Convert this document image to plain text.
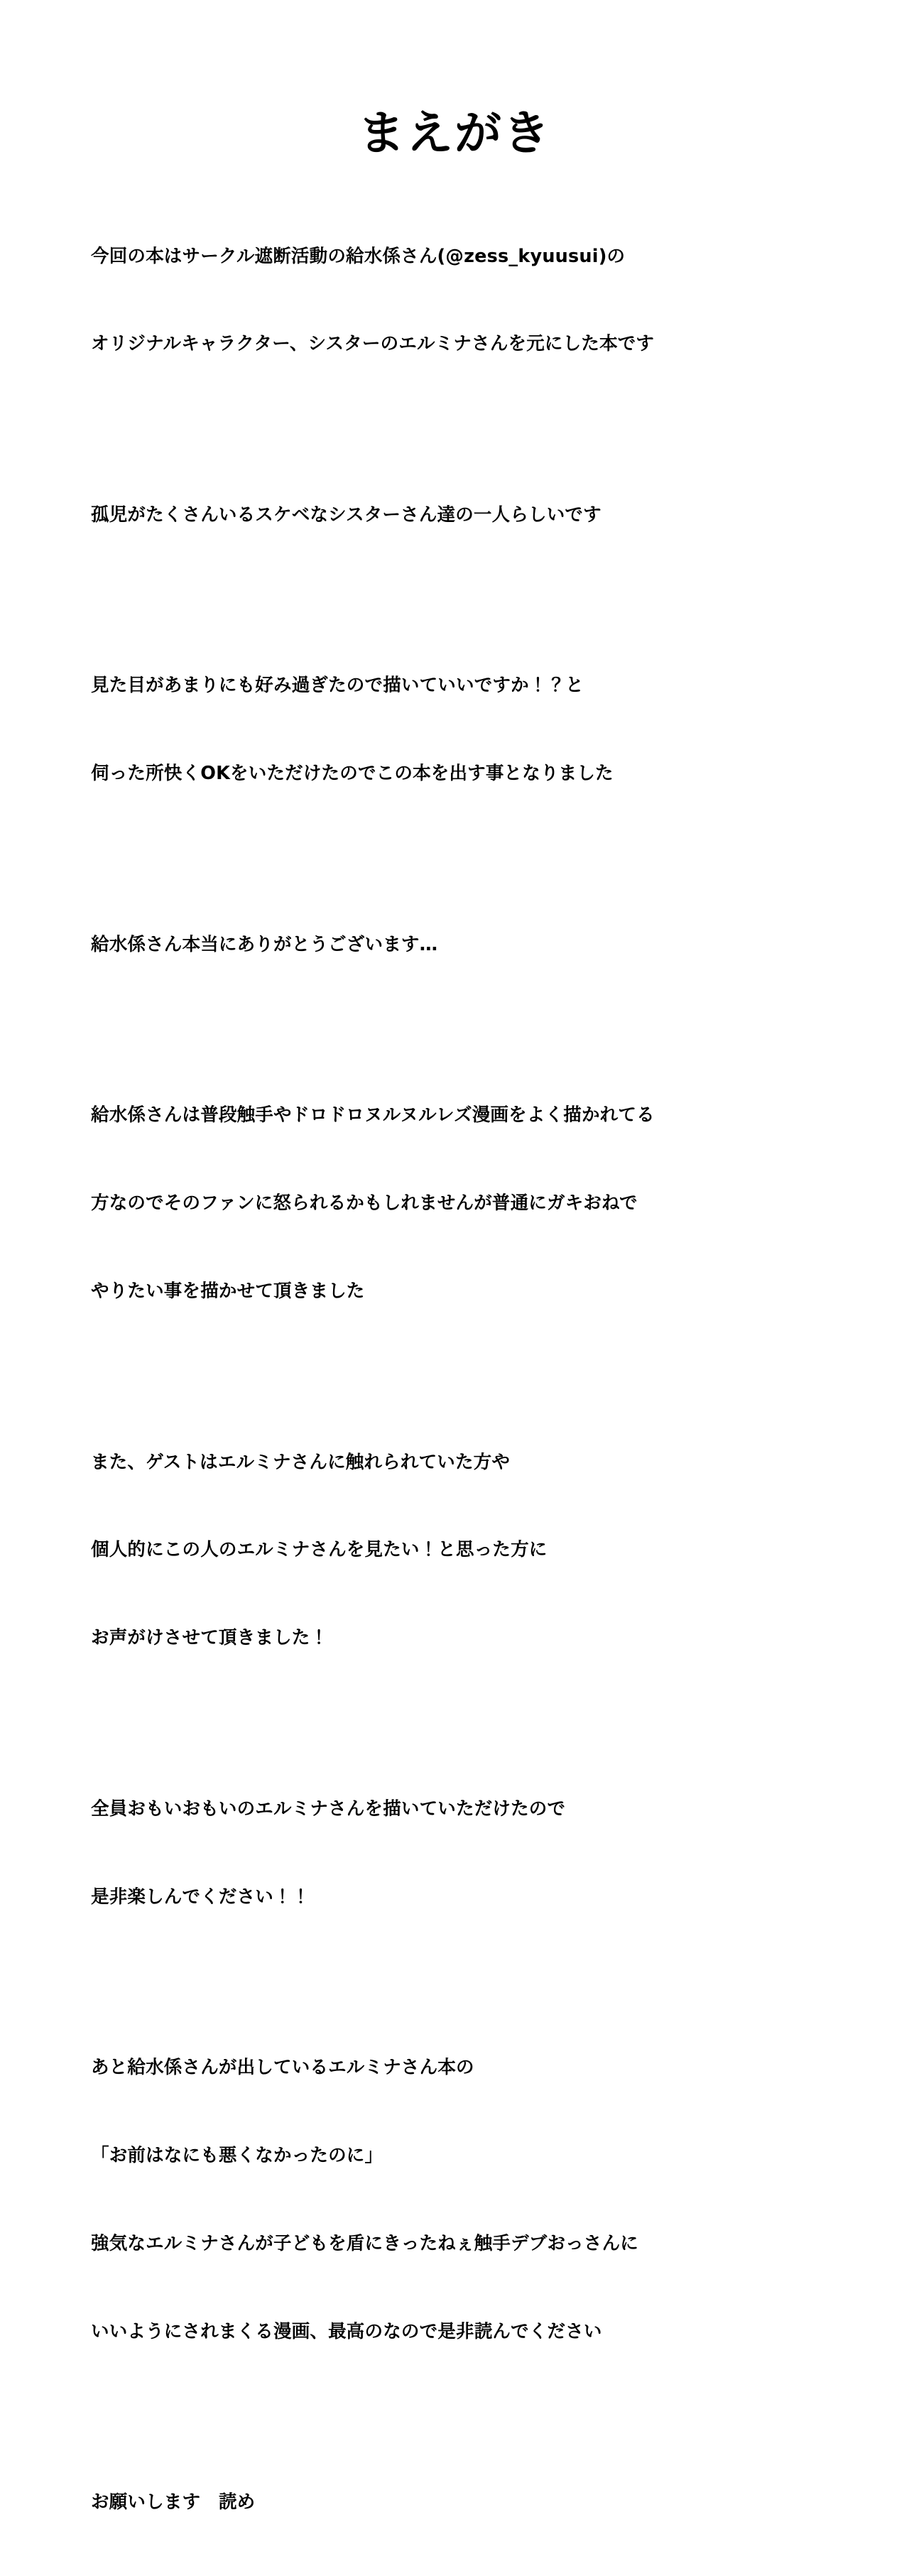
まえがき

今回の本はサークル遮断活動の給水係さん(@zess_kyuusui)の

オリジナルキャラクター、シスターのエルミナさんを元にした本です

孤児がたくさんいるスケベなシスターさん達の一人らしいです

見た目があまりにも好み過ぎたので描いていいですか！？と

伺った所快くOKをいただけたのでこの本を出す事となりました

給水係さん本当にありがとうございます…

給水係さんは普段触手やドロドロヌルヌルレズ漫画をよく描かれてる

方なのでそのファンに怒られるかもしれませんが普通にガキおねで

やりたい事を描かせて頂きました

また、ゲストはエルミナさんに触れられていた方や

個人的にこの人のエルミナさんを見たい！と思った方に

お声がけさせて頂きました！

全員おもいおもいのエルミナさんを描いていただけたので

是非楽しんでください！！

あと給水係さんが出しているエルミナさん本の

「お前はなにも悪くなかったのに」

強気なエルミナさんが子どもを盾にきったねぇ触手デブおっさんに

いいようにされまくる漫画、最高のなので是非読んでください

お願いします　読め
